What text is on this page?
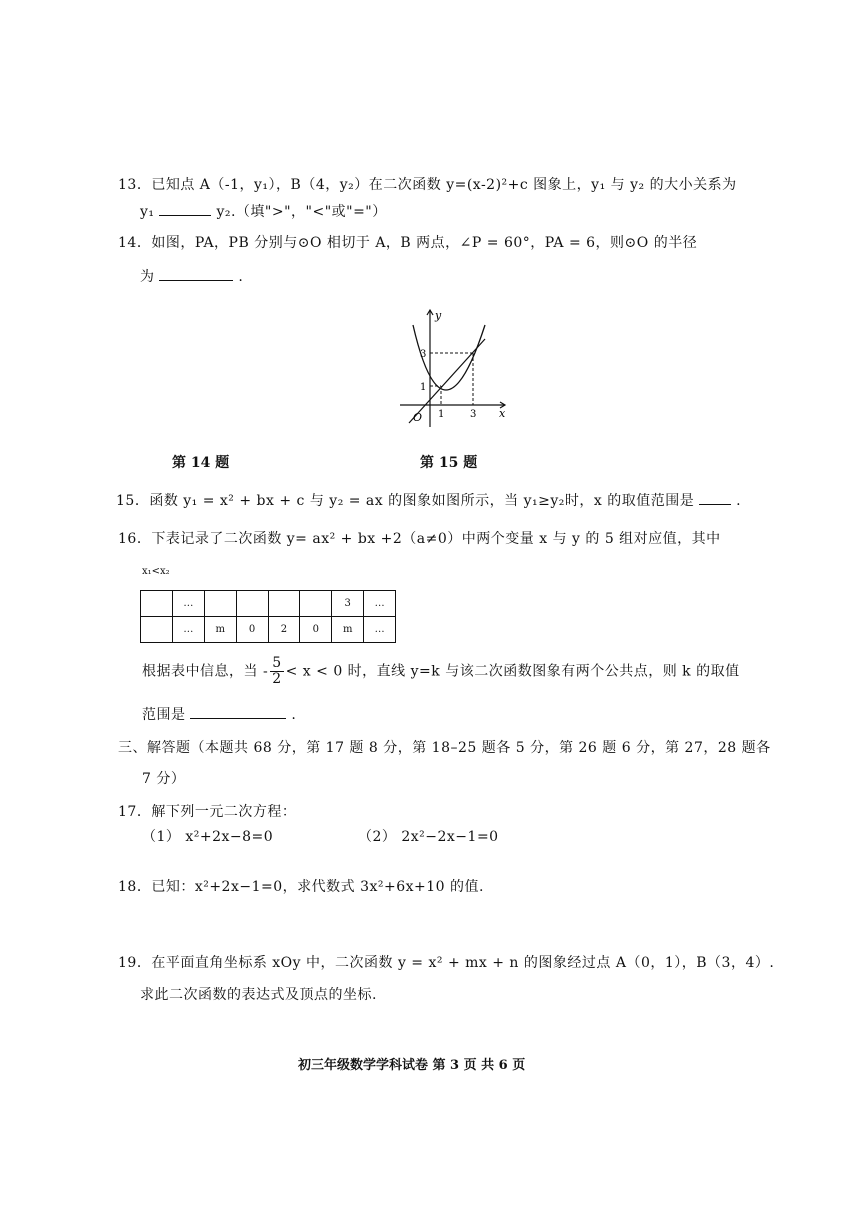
13．已知点 A（-1，y₁），B（4，y₂）在二次函数 y=(x-2)²+c 图象上，y₁ 与 y₂ 的大小关系为
y₁	y₂.（填">"，"<"或"="）
14．如图，PA，PB 分别与⊙O 相切于 A，B 两点，∠P = 60°，PA = 6，则⊙O 的半径
为	.
y
x
O
3
1
1	3
第 14 题	第 15 题
15．函数 y₁ = x² + bx + c 与 y₂ = ax 的图象如图所示，当 y₁≥y₂时，x 的取值范围是	.
16．下表记录了二次函数 y= ax² + bx +2（a≠0）中两个变量 x 与 y 的 5 组对应值，其中
x₁<x₂
	…					3	…
	…	m	0	2	0	m	…
根据表中信息，当 - $\frac{5}{2} < x < 0$ 时，直线 y=k 与该二次函数图象有两个公共点，则 k 的取值
范围是	.
三、解答题（本题共 68 分，第 17 题 8 分，第 18–25 题各 5 分，第 26 题 6 分，第 27，28 题各
7 分）
17．解下列一元二次方程：
（1） x²+2x−8=0	（2） 2x²−2x−1=0
18．已知：x²+2x−1=0，求代数式 3x²+6x+10 的值.
19．在平面直角坐标系 xOy 中，二次函数 y = x² + mx + n 的图象经过点 A（0，1），B（3，4）.
求此二次函数的表达式及顶点的坐标.
初三年级数学学科试卷 第 3 页 共 6 页
